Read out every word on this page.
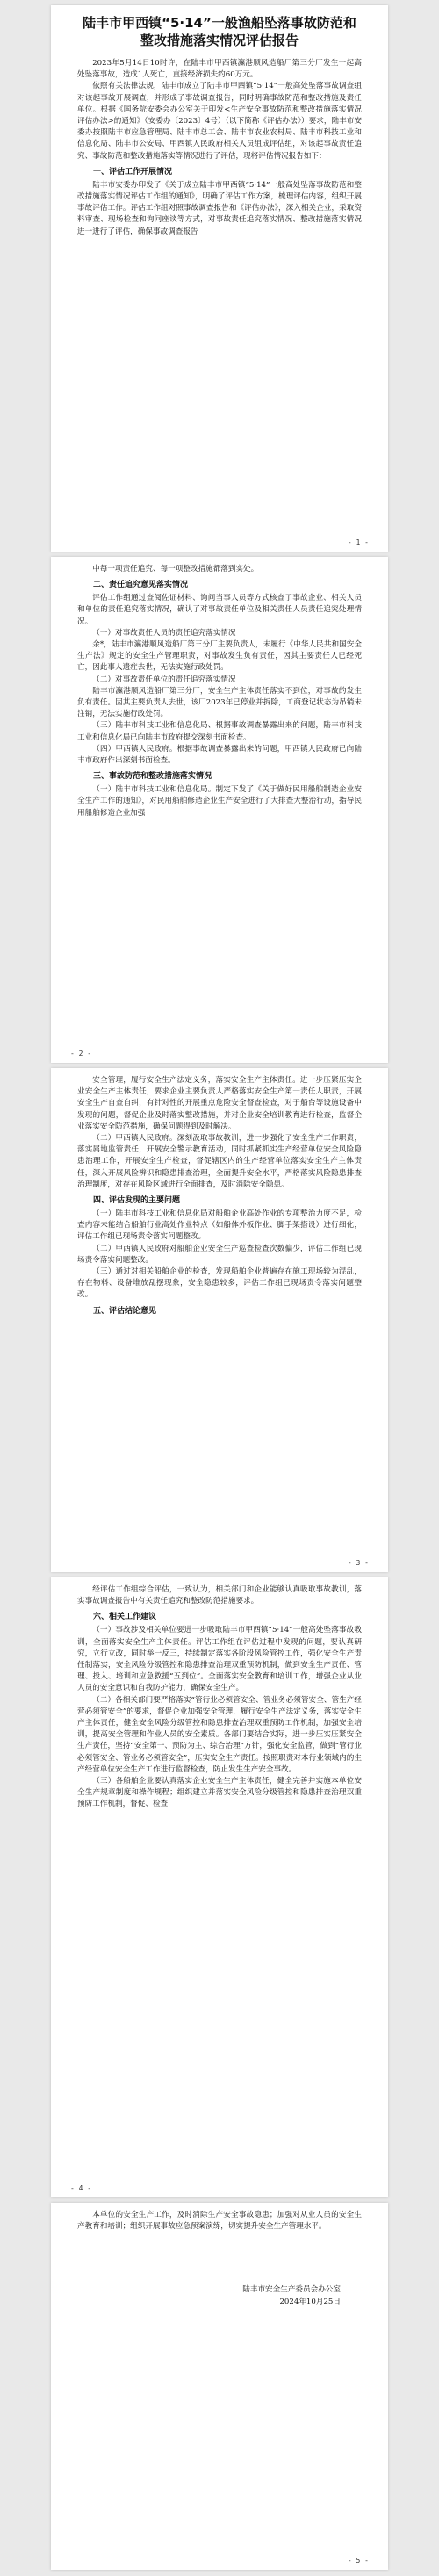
陆丰市甲西镇“5·14”一般渔船坠落事故防范和整改措施落实情况评估报告

2023年5月14日10时许，在陆丰市甲西镇瀛港顺风造船厂第三分厂发生一起高处坠落事故，造成1人死亡，直接经济损失约60万元。

依照有关法律法规，陆丰市成立了陆丰市甲西镇“5·14”一般高处坠落事故调查组对该起事故开展调查，并形成了事故调查报告，同时明确事故防范和整改措施及责任单位。根据《国务院安委会办公室关于印发<生产安全事故防范和整改措施落实情况评估办法>的通知》（安委办〔2023〕4号）（以下简称《评估办法》）要求，陆丰市安委办按照陆丰市应急管理局、陆丰市总工会、陆丰市农业农村局、陆丰市科技工业和信息化局、陆丰市公安局、甲西镇人民政府相关人员组成评估组，对该起事故责任追究、事故防范和整改措施落实等情况进行了评估，现将评估情况报告如下：

一、评估工作开展情况

陆丰市安委办印发了《关于成立陆丰市甲西镇“5·14”一般高处坠落事故防范和整改措施落实情况评估工作组的通知》，明确了评估工作方案，梳理评估内容，组织开展事故评估工作。评估工作组对照事故调查报告和《评估办法》，深入相关企业，采取资料审查、现场检查和询问座谈等方式，对事故责任追究落实情况、整改措施落实情况进一进行了评估，确保事故调查报告

- 1 -

中每一项责任追究、每一项整改措施都落到实处。

二、责任追究意见落实情况

评估工作组通过查阅佐证材料、询问当事人员等方式核查了事故企业、相关人员和单位的责任追究落实情况，确认了对事故责任单位及相关责任人员责任追究处理情况。

（一）对事故责任人员的责任追究落实情况

余*，陆丰市瀛港顺风造船厂第三分厂主要负责人，未履行《中华人民共和国安全生产法》规定的安全生产管理职责，对事故发生负有责任，因其主要责任人已经死亡，因此事人遗症去世，无法实施行政处罚。

（二）对事故责任单位的责任追究落实情况

陆丰市瀛港顺风造船厂第三分厂，安全生产主体责任落实不到位，对事故的发生负有责任。因其主要负责人去世，该厂2023年已停业并拆除，工商登记状态为吊销未注销，无法实施行政处罚。

（三）陆丰市科技工业和信息化局、根据事故调查暴露出来的问题，陆丰市科技工业和信息化局已向陆丰市政府提交深刻书面检查。

（四）甲西镇人民政府。根据事故调查暴露出来的问题，甲西镇人民政府已向陆丰市政府作出深刻书面检查。

三、事故防范和整改措施落实情况

（一）陆丰市科技工业和信息化局。制定下发了《关于做好民用船舶制造企业安全生产工作的通知》，对民用船舶修造企业生产安全进行了大排查大整治行动，指导民用船舶修造企业加强

- 2 -

安全管理，履行安全生产法定义务，落实安全生产主体责任。进一步压紧压实企业安全生产主体责任，要求企业主要负责人严格落实安全生产第一责任人职责，开展安全生产自查自纠，有针对性的开展重点危险安全督查检查，对于船台等设施设备中发现的问题，督促企业及时落实整改措施，并对企业安全培训教育进行检查，监督企业落实安全防范措施，确保问题得到及时解决。

（二）甲西镇人民政府。深刻汲取事故教训，进一步强化了安全生产工作职责，落实属地监管责任，开展安全警示教育活动，同时抓紧抓实生产经营单位安全风险隐患治理工作，开展安全生产检查，督促辖区内的生产经营单位落实安全生产主体责任，深入开展风险辨识和隐患排查治理，全面提升安全水平，严格落实风险隐患排查治理制度，对存在风险区域进行全面排查，及时消除安全隐患。

四、评估发现的主要问题

（一）陆丰市科技工业和信息化局对船舶企业高处作业的专项整治力度不足，检查内容未能结合船舶行业高处作业特点（如船体外板作业、脚手架搭设）进行细化，评估工作组已现场责令落实问题整改。

（二）甲西镇人民政府对船舶企业安全生产巡查检查次数偏少，评估工作组已现场责令落实问题整改。

（三）通过对相关船舶企业的检查，发现船舶企业普遍存在施工现场较为混乱，存在物料、设备堆放乱摆现象，安全隐患较多，评估工作组已现场责令落实问题整改。

五、评估结论意见
- 3 -

经评估工作组综合评估，一致认为，相关部门和企业能够认真吸取事故教训，落实事故调查报告中有关责任追究和整改防范措施要求。

六、相关工作建议

（一）事故涉及相关单位要进一步吸取陆丰市甲西镇“5·14”一般高处坠落事故教训，全面落实安全生产主体责任。评估工作组在评估过程中发现的问题，要认真研究，立行立改，同时举一反三，持续制定落实各阶段风险管控工作，强化安全生产责任制落实，安全风险分级管控和隐患排查治理双重预防机制，做到安全生产责任、管理、投入、培训和应急救援“五到位”。全面落实安全教育和培训工作，增强企业从业人员的安全意识和自我防护能力，确保安全生产。

（二）各相关部门要严格落实“管行业必须管安全、管业务必须管安全、管生产经营必须管安全”的要求，督促企业加强安全管理，履行安全生产法定义务，落实安全生产主体责任，健全安全风险分级管控和隐患排查治理双重预防工作机制，加强安全培训，提高安全管理和作业人员的安全素质。各部门要结合实际，进一步压实压紧安全生产责任，坚持“安全第一、预防为主、综合治理”方针，强化安全监管，做到“管行业必须管安全、管业务必须管安全”，压实安全生产责任。按照职责对本行业领域内的生产经营单位安全生产工作进行监督检查，防止发生生产安全事故。

（三）各船舶企业要认真落实企业安全生产主体责任，健全完善并实施本单位安全生产规章制度和操作规程；组织建立并落实安全风险分级管控和隐患排查治理双重预防工作机制，督促、检查

- 4 -

本单位的安全生产工作，及时消除生产安全事故隐患；加强对从业人员的安全生产教育和培训；组织开展事故应急预案演练，切实提升安全生产管理水平。

陆丰市安全生产委员会办公室

2024年10月25日

- 5 -
